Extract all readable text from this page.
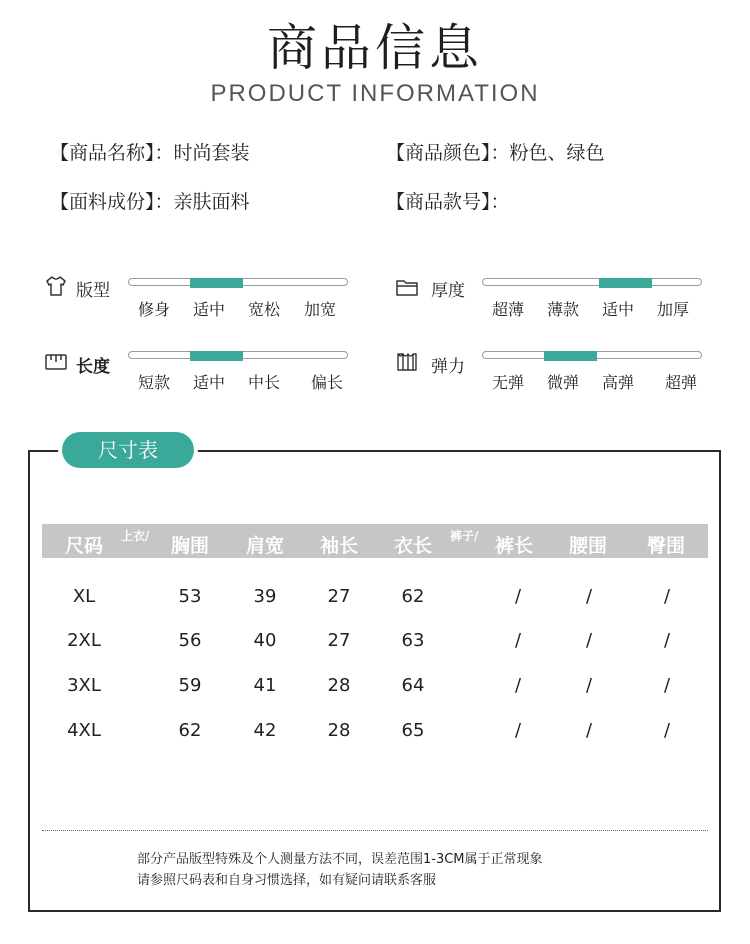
商品信息
PRODUCT INFORMATION
【商品名称】：时尚套装	【商品颜色】：粉色、绿色
【面料成份】：亲肤面料	【商品款号】：
版型
修身 适中 宽松 加宽
长度
短款 适中 中长 偏长
厚度
超薄 薄款 适中 加厚
弹力
无弹 微弹 高弹 超弹
尺寸表
尺码 上衣/ 胸围 肩宽 袖长 衣长 裤子/ 裤长 腰围 臀围
XL	53	39	27	62	/	/	/
2XL	56	40	27	63	/	/	/
3XL	59	41	28	64	/	/	/
4XL	62	42	28	65	/	/	/
部分产品版型特殊及个人测量方法不同，误差范围1-3CM属于正常现象
请参照尺码表和自身习惯选择，如有疑问请联系客服
